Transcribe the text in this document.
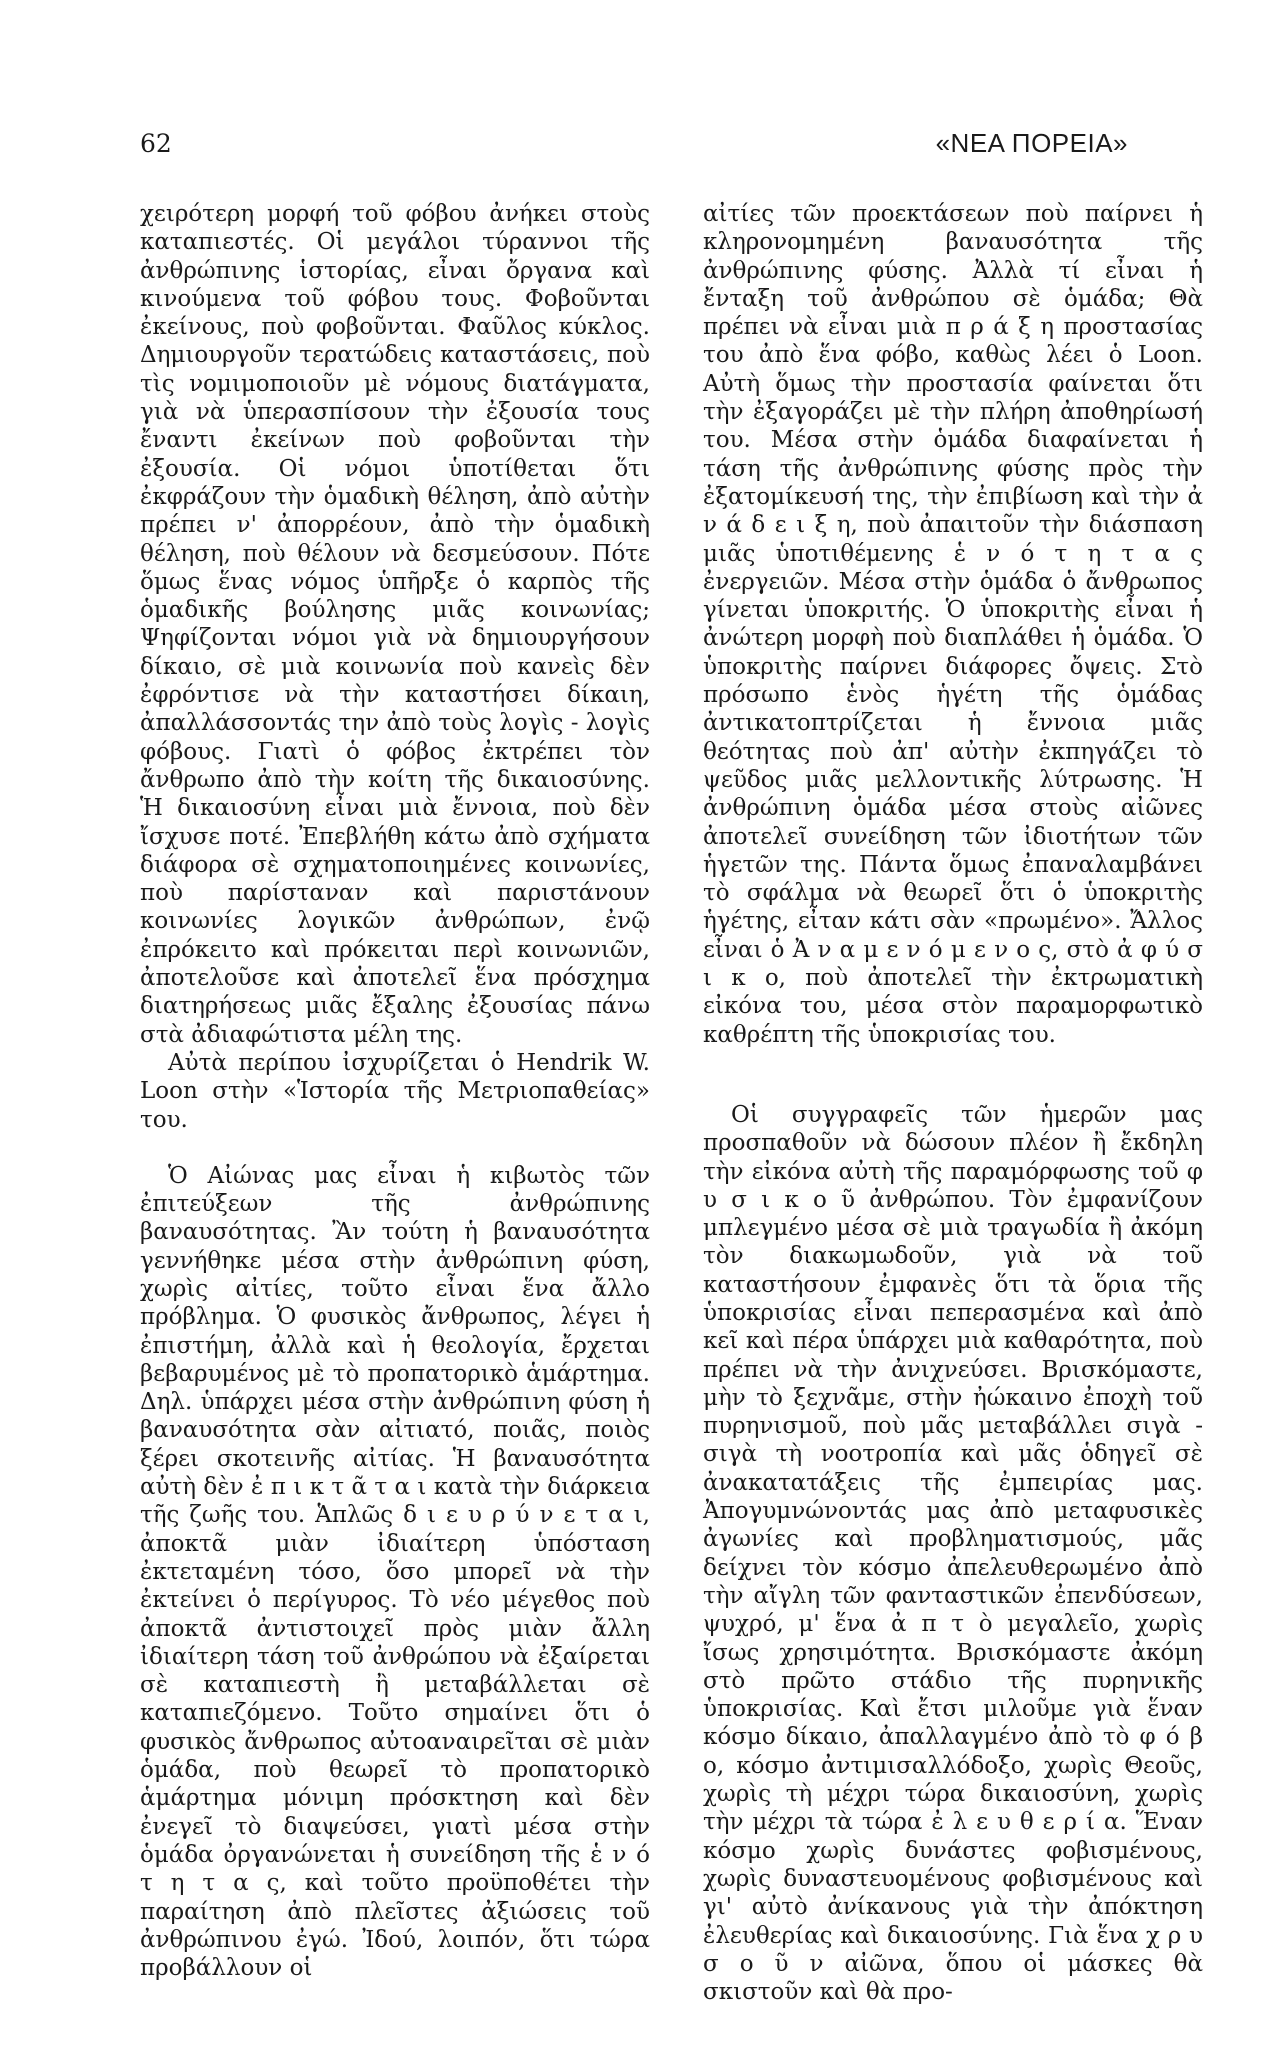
62	«ΝΕΑ ΠΟΡΕΙΑ»

χειρότερη μορφή τοῦ φόβου ἀνήκει στοὺς καταπιεστές. Οἱ μεγάλοι τύραννοι τῆς ἀνθρώπινης ἱστορίας, εἶναι ὄργανα καὶ κινούμενα τοῦ φόβου τους. Φοβοῦνται ἐκείνους, ποὺ φοβοῦνται. Φαῦλος κύκλος. Δημιουργοῦν τερατώδεις καταστάσεις, ποὺ τὶς νομιμοποιοῦν μὲ νόμους διατάγματα, γιὰ νὰ ὑπερασπίσουν τὴν ἐξουσία τους ἔναντι ἐκείνων ποὺ φοβοῦνται τὴν ἐξουσία. Οἱ νόμοι ὑποτίθεται ὅτι ἐκφράζουν τὴν ὁμαδικὴ θέληση, ἀπὸ αὐτὴν πρέπει ν' ἀπορρέουν, ἀπὸ τὴν ὁμαδικὴ θέληση, ποὺ θέλουν νὰ δεσμεύσουν. Πότε ὅμως ἕνας νόμος ὑπῆρξε ὁ καρπὸς τῆς ὁμαδικῆς βούλησης μιᾶς κοινωνίας; Ψηφίζονται νόμοι γιὰ νὰ δημιουργήσουν δίκαιο, σὲ μιὰ κοινωνία ποὺ κανεὶς δὲν ἐφρόντισε νὰ τὴν καταστήσει δίκαιη, ἀπαλλάσσοντάς την ἀπὸ τοὺς λογὶς - λογὶς φόβους. Γιατὶ ὁ φόβος ἐκτρέπει τὸν ἄνθρωπο ἀπὸ τὴν κοίτη τῆς δικαιοσύνης. Ἡ δικαιοσύνη εἶναι μιὰ ἔννοια, ποὺ δὲν ἴσχυσε ποτέ. Ἐπεβλήθη κάτω ἀπὸ σχήματα διάφορα σὲ σχηματοποιημένες κοινωνίες, ποὺ παρίσταναν καὶ παριστάνουν κοινωνίες λογικῶν ἀνθρώπων, ἐνῷ ἐπρόκειτο καὶ πρόκειται περὶ κοινωνιῶν, ἀποτελοῦσε καὶ ἀποτελεῖ ἕνα πρόσχημα διατηρήσεως μιᾶς ἔξαλης ἐξουσίας πάνω στὰ ἀδιαφώτιστα μέλη της.

Αὐτὰ περίπου ἰσχυρίζεται ὁ Hendrik W. Loon στὴν «Ἱστορία τῆς Μετριοπαθείας» του.

Ὁ Αἰώνας μας εἶναι ἡ κιβωτὸς τῶν ἐπιτεύξεων τῆς ἀνθρώπινης βαναυσότητας. Ἂν τούτη ἡ βαναυσότητα γεννήθηκε μέσα στὴν ἀνθρώπινη φύση, χωρὶς αἰτίες, τοῦτο εἶναι ἕνα ἄλλο πρόβλημα. Ὁ φυσικὸς ἄνθρωπος, λέγει ἡ ἐπιστήμη, ἀλλὰ καὶ ἡ θεολογία, ἔρχεται βεβαρυμένος μὲ τὸ προπατορικὸ ἁμάρτημα. Δηλ. ὑπάρχει μέσα στὴν ἀνθρώπινη φύση ἡ βαναυσότητα σὰν αἰτιατό, ποιᾶς, ποιὸς ξέρει σκοτεινῆς αἰτίας. Ἡ βαναυσότητα αὐτὴ δὲν ἐ π ι κ τ ᾶ τ α ι κατὰ τὴν διάρκεια τῆς ζωῆς του. Ἁπλῶς δ ι ε υ ρ ύ ν ε τ α ι, ἀποκτᾶ μιὰν ἰδιαίτερη ὑπόσταση ἐκτεταμένη τόσο, ὅσο μπορεῖ νὰ τὴν ἐκτείνει ὁ περίγυρος. Τὸ νέο μέγεθος ποὺ ἀποκτᾶ ἀντιστοιχεῖ πρὸς μιὰν ἄλλη ἰδιαίτερη τάση τοῦ ἀνθρώπου νὰ ἐξαίρεται σὲ καταπιεστὴ ἢ μεταβάλλεται σὲ καταπιεζόμενο. Τοῦτο σημαίνει ὅτι ὁ φυσικὸς ἄνθρωπος αὐτοαναιρεῖται σὲ μιὰν ὁμάδα, ποὺ θεωρεῖ τὸ προπατορικὸ ἁμάρτημα μόνιμη πρόσκτηση καὶ δὲν ἐνεγεῖ τὸ διαψεύσει, γιατὶ μέσα στὴν ὁμάδα ὀργανώνεται ἡ συνείδηση τῆς ἑ ν ό τ η τ α ς, καὶ τοῦτο προϋποθέτει τὴν παραίτηση ἀπὸ πλεῖστες ἀξιώσεις τοῦ ἀνθρώπινου ἐγώ. Ἰδού, λοιπόν, ὅτι τώρα προβάλλουν οἱ

αἰτίες τῶν προεκτάσεων ποὺ παίρνει ἡ κληρονομημένη βαναυσότητα τῆς ἀνθρώπινης φύσης. Ἀλλὰ τί εἶναι ἡ ἔνταξη τοῦ ἀνθρώπου σὲ ὁμάδα; Θὰ πρέπει νὰ εἶναι μιὰ π ρ ά ξ η προστασίας του ἀπὸ ἕνα φόβο, καθὼς λέει ὁ Loon. Αὐτὴ ὅμως τὴν προστασία φαίνεται ὅτι τὴν ἐξαγοράζει μὲ τὴν πλήρη ἀποθηρίωσή του. Μέσα στὴν ὁμάδα διαφαίνεται ἡ τάση τῆς ἀνθρώπινης φύσης πρὸς τὴν ἐξατομίκευσή της, τὴν ἐπιβίωση καὶ τὴν ἀ ν ά δ ε ι ξ η, ποὺ ἀπαιτοῦν τὴν διάσπαση μιᾶς ὑποτιθέμενης ἑ ν ό τ η τ α ς ἐνεργειῶν. Μέσα στὴν ὁμάδα ὁ ἄνθρωπος γίνεται ὑποκριτής. Ὁ ὑποκριτὴς εἶναι ἡ ἀνώτερη μορφὴ ποὺ διαπλάθει ἡ ὁμάδα. Ὁ ὑποκριτὴς παίρνει διάφορες ὄψεις. Στὸ πρόσωπο ἑνὸς ἡγέτη τῆς ὁμάδας ἀντικατοπτρίζεται ἡ ἔννοια μιᾶς θεότητας ποὺ ἀπ' αὐτὴν ἐκπηγάζει τὸ ψεῦδος μιᾶς μελλοντικῆς λύτρωσης. Ἡ ἀνθρώπινη ὁμάδα μέσα στοὺς αἰῶνες ἀποτελεῖ συνείδηση τῶν ἰδιοτήτων τῶν ἡγετῶν της. Πάντα ὅμως ἐπαναλαμβάνει τὸ σφάλμα νὰ θεωρεῖ ὅτι ὁ ὑποκριτὴς ἡγέτης, εἶταν κάτι σὰν «πρωμένο». Ἄλλος εἶναι ὁ Ἀ ν α μ ε ν ό μ ε ν ο ς, στὸ ἀ φ ύ σ ι κ ο, ποὺ ἀποτελεῖ τὴν ἐκτρωματικὴ εἰκόνα του, μέσα στὸν παραμορφωτικὸ καθρέπτη τῆς ὑποκρισίας του.

Οἱ συγγραφεῖς τῶν ἡμερῶν μας προσπαθοῦν νὰ δώσουν πλέον ἢ ἔκδηλη τὴν εἰκόνα αὐτὴ τῆς παραμόρφωσης τοῦ φ υ σ ι κ ο ῦ ἀνθρώπου. Τὸν ἐμφανίζουν μπλεγμένο μέσα σὲ μιὰ τραγωδία ἢ ἀκόμη τὸν διακωμωδοῦν, γιὰ νὰ τοῦ καταστήσουν ἐμφανὲς ὅτι τὰ ὅρια τῆς ὑποκρισίας εἶναι πεπερασμένα καὶ ἀπὸ κεῖ καὶ πέρα ὑπάρχει μιὰ καθαρότητα, ποὺ πρέπει νὰ τὴν ἀνιχνεύσει. Βρισκόμαστε, μὴν τὸ ξεχνᾶμε, στὴν ἠώκαινο ἐποχὴ τοῦ πυρηνισμοῦ, ποὺ μᾶς μεταβάλλει σιγὰ - σιγὰ τὴ νοοτροπία καὶ μᾶς ὁδηγεῖ σὲ ἀνακατατάξεις τῆς ἐμπειρίας μας. Ἀπογυμνώνοντάς μας ἀπὸ μεταφυσικὲς ἀγωνίες καὶ προβληματισμούς, μᾶς δείχνει τὸν κόσμο ἀπελευθερωμένο ἀπὸ τὴν αἴγλη τῶν φανταστικῶν ἐπενδύσεων, ψυχρό, μ' ἕνα ἀ π τ ὸ μεγαλεῖο, χωρὶς ἴσως χρησιμότητα. Βρισκόμαστε ἀκόμη στὸ πρῶτο στάδιο τῆς πυρηνικῆς ὑποκρισίας. Καὶ ἔτσι μιλοῦμε γιὰ ἕναν κόσμο δίκαιο, ἀπαλλαγμένο ἀπὸ τὸ φ ό β ο, κόσμο ἀντιμισαλλόδοξο, χωρὶς Θεοῦς, χωρὶς τὴ μέχρι τώρα δικαιοσύνη, χωρὶς τὴν μέχρι τὰ τώρα ἐ λ ε υ θ ε ρ ί α. Ἕναν κόσμο χωρὶς δυνάστες φοβισμένους, χωρὶς δυναστευομένους φοβισμένους καὶ γι' αὐτὸ ἀνίκανους γιὰ τὴν ἀπόκτηση ἐλευθερίας καὶ δικαιοσύνης. Γιὰ ἕνα χ ρ υ σ ο ῦ ν αἰῶνα, ὅπου οἱ μάσκες θὰ σκιστοῦν καὶ θὰ προ-
